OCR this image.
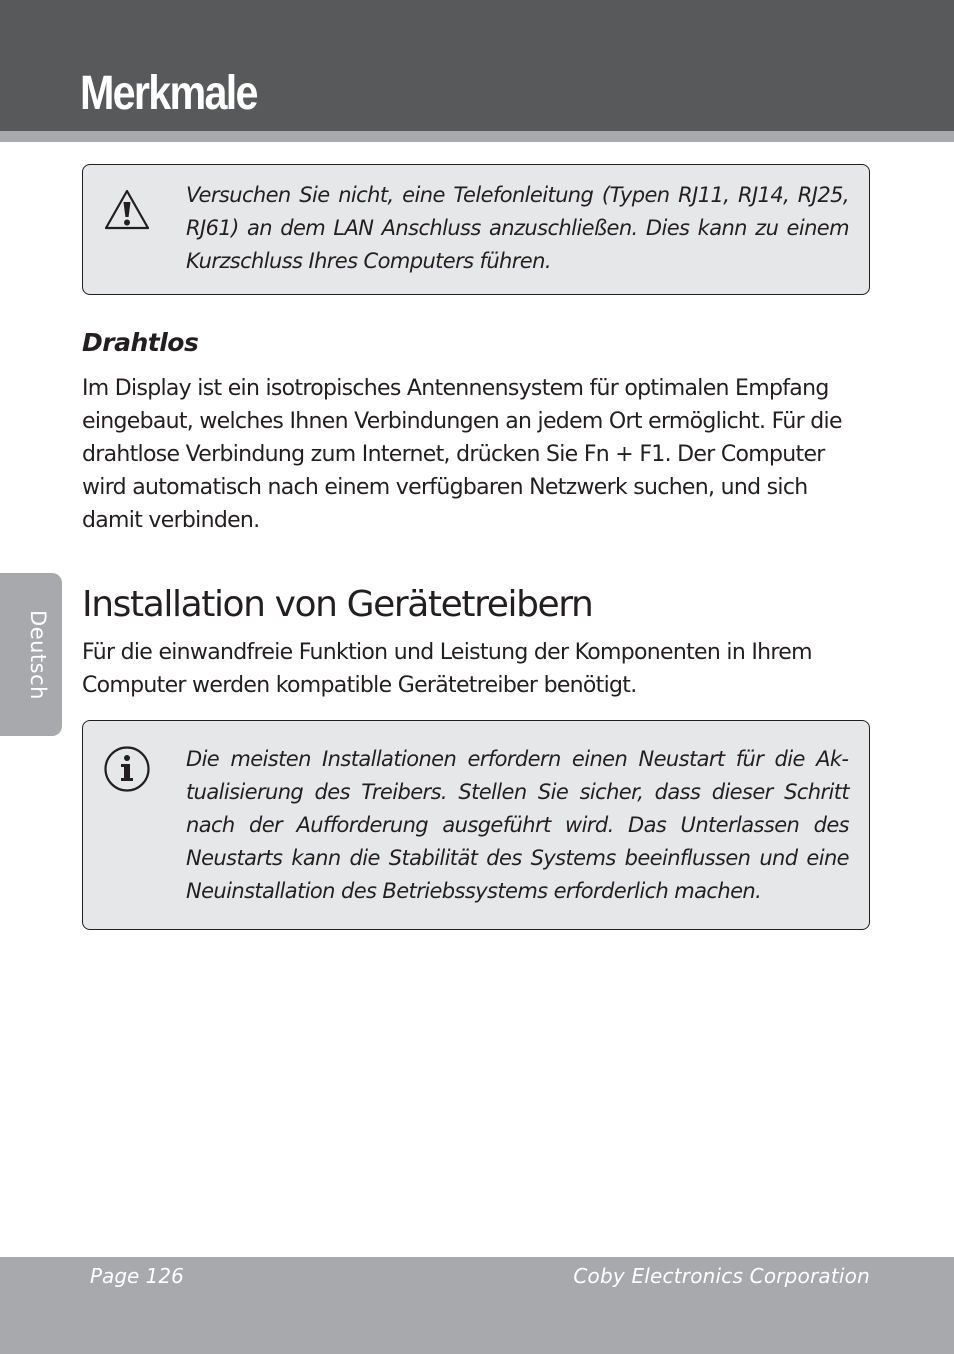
Merkmale

Versuchen Sie nicht, eine Telefonleitung (Typen RJ11, RJ14, RJ25, RJ61) an dem LAN Anschluss anzuschließen. Dies kann zu einem Kurzschluss Ihres Computers führen.

Drahtlos

Im Display ist ein isotropisches Antennensystem für optimalen Empfang eingebaut, welches Ihnen Verbindungen an jedem Ort ermöglicht. Für die drahtlose Verbindung zum Internet, drücken Sie Fn + F1. Der Computer wird automatisch nach einem verfügbaren Netzwerk suchen, und sich damit verbinden.

Deutsch
Installation von Gerätetreibern

Für die einwandfreie Funktion und Leistung der Komponenten in Ihrem Computer werden kompatible Gerätetreiber benötigt.

Die meisten Installationen erfordern einen Neustart für die Aktualisierung des Treibers. Stellen Sie sicher, dass dieser Schritt nach der Aufforderung ausgeführt wird. Das Unterlassen des Neustarts kann die Stabilität des Systems beeinflussen und eine Neuinstallation des Betriebssystems erforderlich machen.

Page 126	Coby Electronics Corporation
